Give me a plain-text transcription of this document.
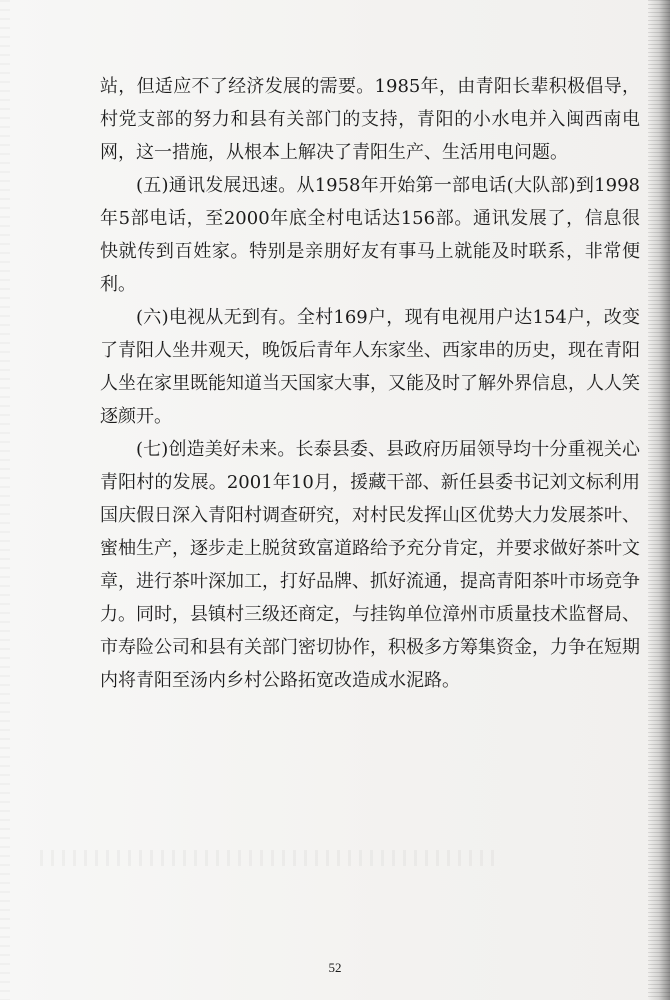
站，但适应不了经济发展的需要。1985年，由青阳长辈积极倡导，村党支部的努力和县有关部门的支持，青阳的小水电并入闽西南电网，这一措施，从根本上解决了青阳生产、生活用电问题。

(五)通讯发展迅速。从1958年开始第一部电话(大队部)到1998年5部电话，至2000年底全村电话达156部。通讯发展了，信息很快就传到百姓家。特别是亲朋好友有事马上就能及时联系，非常便利。

(六)电视从无到有。全村169户，现有电视用户达154户，改变了青阳人坐井观天，晚饭后青年人东家坐、西家串的历史，现在青阳人坐在家里既能知道当天国家大事，又能及时了解外界信息，人人笑逐颜开。

(七)创造美好未来。长泰县委、县政府历届领导均十分重视关心青阳村的发展。2001年10月，援藏干部、新任县委书记刘文标利用国庆假日深入青阳村调查研究，对村民发挥山区优势大力发展茶叶、蜜柚生产，逐步走上脱贫致富道路给予充分肯定，并要求做好茶叶文章，进行茶叶深加工，打好品牌、抓好流通，提高青阳茶叶市场竞争力。同时，县镇村三级还商定，与挂钩单位漳州市质量技术监督局、市寿险公司和县有关部门密切协作，积极多方筹集资金，力争在短期内将青阳至汤内乡村公路拓宽改造成水泥路。

52
